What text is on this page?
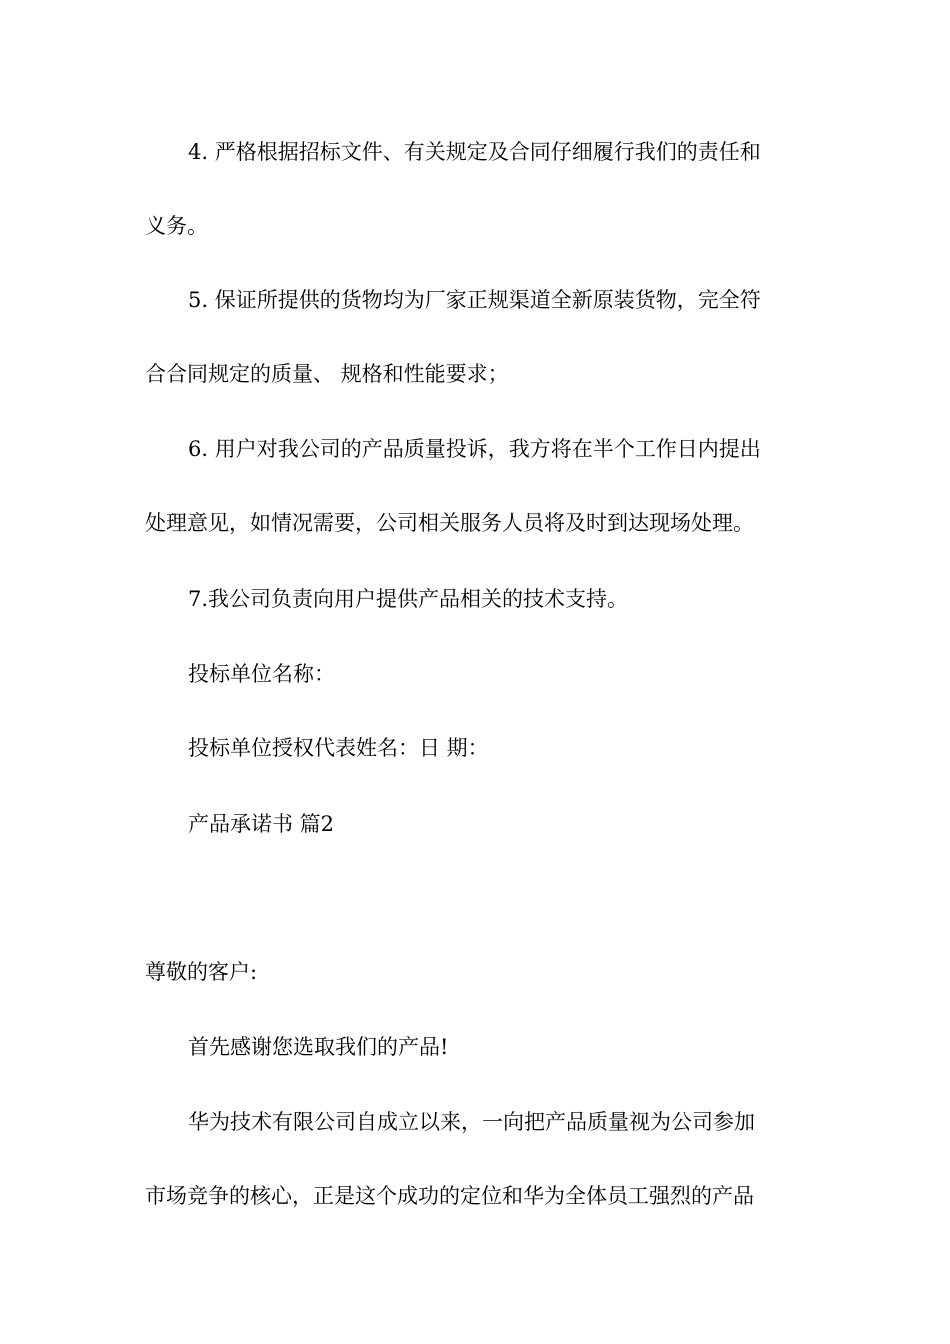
4. 严格根据招标文件、有关规定及合同仔细履行我们的责任和
义务。
5. 保证所提供的货物均为厂家正规渠道全新原装货物，完全符
合合同规定的质量、 规格和性能要求；
6. 用户对我公司的产品质量投诉，我方将在半个工作日内提出
处理意见，如情况需要，公司相关服务人员将及时到达现场处理。
7.我公司负责向用户提供产品相关的技术支持。
投标单位名称：
投标单位授权代表姓名：日 期：
产品承诺书 篇2
尊敬的客户:
首先感谢您选取我们的产品!
华为技术有限公司自成立以来，一向把产品质量视为公司参加
市场竞争的核心，正是这个成功的定位和华为全体员工强烈的产品
